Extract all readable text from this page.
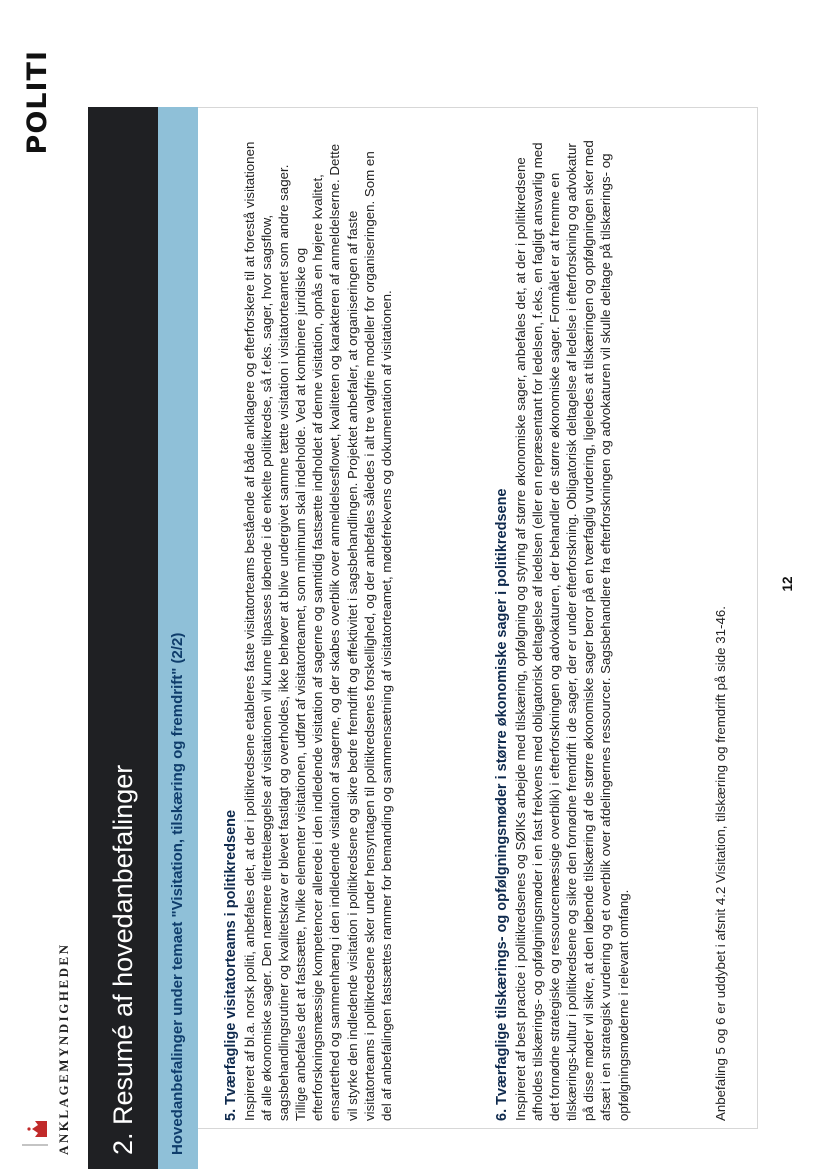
ANKLAGEMYNDIGHEDEN
POLITI
2. Resumé af hovedanbefalinger	Hovedanbefalinger under temaet "Visitation, tilskæring og fremdrift" (2/2)	5. Tværfaglige visitatorteams i politikredsene Inspireret af bl.a. norsk politi, anbefales det, at der i politikredsene etableres faste visitatorteams bestående af både anklagere og efterforskere til at forestå visitationen af alle økonomiske sager. Den nærmere tilrettelæggelse af visitationen vil kunne tilpasses løbende i de enkelte politikredse, så f.eks. sager, hvor sagsflow, sagsbehandlingsrutiner og kvalitetskrav er blevet fastlagt og overholdes, ikke behøver at blive undergivet samme tætte visitation i visitatorteamet som andre sager. Tillige anbefales det at fastsætte, hvilke elementer visitationen, udført af visitatorteamet, som minimum skal indeholde. Ved at kombinere juridiske og efterforskningsmæssige kompetencer allerede i den indledende visitation af sagerne og samtidig fastsætte indholdet af denne visitation, opnås en højere kvalitet, ensartethed og sammenhæng i den indledende visitation af sagerne, og der skabes overblik over anmeldelsesflowet, kvaliteten og karakteren af anmeldelserne. Dette vil styrke den indledende visitation i politikredsene og sikre bedre fremdrift og effektivitet i sagsbehandlingen. Projektet anbefaler, at organiseringen af faste visitatorteams i politikredsene sker under hensyntagen til politikredsenes forskellighed, og der anbefales således i alt tre valgfrie modeller for organiseringen. Som en del af anbefalingen fastsættes rammer for bemanding og sammensætning af visitatorteamet, mødefrekvens og dokumentation af visitationen.	6. Tværfaglige tilskærings- og opfølgningsmøder i større økonomiske sager i politikredsene Inspireret af best practice i politikredsenes og SØIKs arbejde med tilskæring, opfølgning og styring af større økonomiske sager, anbefales det, at der i politikredsene afholdes tilskærings- og opfølgningsmøder i en fast frekvens med obligatorisk deltagelse af ledelsen (eller en repræsentant for ledelsen, f.eks. en fagligt ansvarlig med det fornødne strategiske og ressourcemæssige overblik) i efterforskningen og advokaturen, der behandler de større økonomiske sager. Formålet er at fremme en tilskærings-kultur i politikredsene og sikre den fornødne fremdrift i de sager, der er under efterforskning. Obligatorisk deltagelse af ledelse i efterforskning og advokatur på disse møder vil sikre, at den løbende tilskæring af de større økonomiske sager beror på en tværfaglig vurdering, ligeledes at tilskæringen og opfølgningen sker med afsæt i en strategisk vurdering og et overblik over afdelingernes ressourcer. Sagsbehandlere fra efterforskningen og advokaturen vil skulle deltage på tilskærings- og opfølgningsmøderne i relevant omfang.	Anbefaling 5 og 6 er uddybet i afsnit 4.2 Visitation, tilskæring og fremdrift på side 31-46.
12
